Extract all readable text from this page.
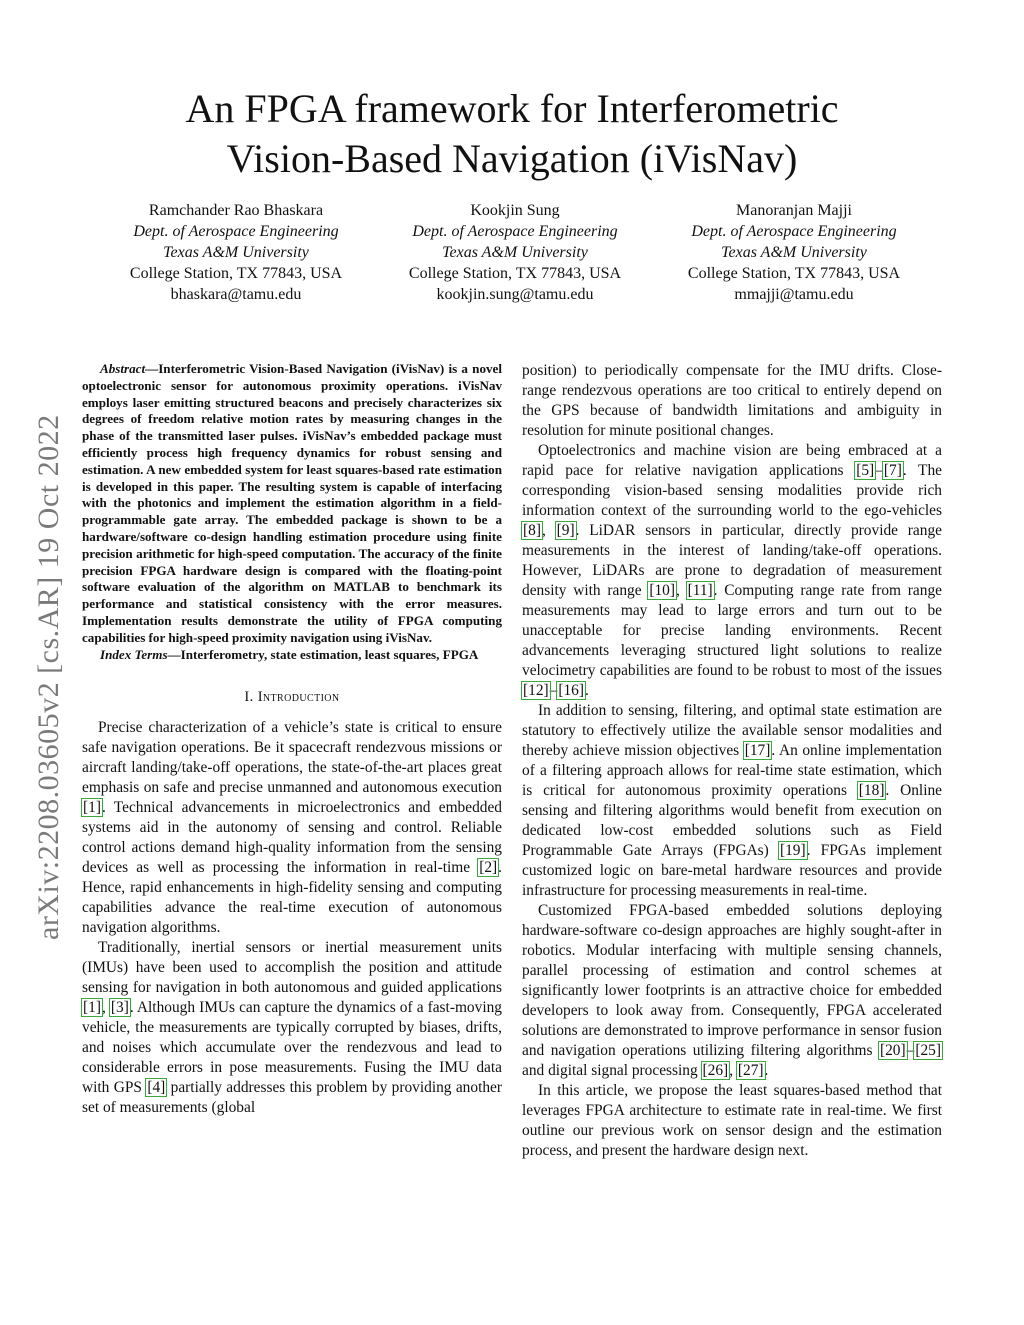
arXiv:2208.03605v2 [cs.AR] 19 Oct 2022
An FPGA framework for Interferometric
Vision-Based Navigation (iVisNav)
Ramchander Rao Bhaskara
Dept. of Aerospace Engineering
Texas A&M University
College Station, TX 77843, USA
bhaskara@tamu.edu
Kookjin Sung
Dept. of Aerospace Engineering
Texas A&M University
College Station, TX 77843, USA
kookjin.sung@tamu.edu
Manoranjan Majji
Dept. of Aerospace Engineering
Texas A&M University
College Station, TX 77843, USA
mmajji@tamu.edu

Abstract—Interferometric Vision-Based Navigation (iVisNav) is a novel optoelectronic sensor for autonomous proximity operations. iVisNav employs laser emitting structured beacons and precisely characterizes six degrees of freedom relative motion rates by measuring changes in the phase of the transmitted laser pulses. iVisNav’s embedded package must efficiently process high frequency dynamics for robust sensing and estimation. A new embedded system for least squares-based rate estimation is developed in this paper. The resulting system is capable of interfacing with the photonics and implement the estimation algorithm in a field-programmable gate array. The embedded package is shown to be a hardware/software co-design handling estimation procedure using finite precision arithmetic for high-speed computation. The accuracy of the finite precision FPGA hardware design is compared with the floating-point software evaluation of the algorithm on MATLAB to benchmark its performance and statistical consistency with the error measures. Implementation results demonstrate the utility of FPGA computing capabilities for high-speed proximity navigation using iVisNav.

Index Terms—Interferometry, state estimation, least squares, FPGA

I. Introduction

Precise characterization of a vehicle’s state is critical to ensure safe navigation operations. Be it spacecraft rendezvous missions or aircraft landing/take-off operations, the state-of-the-art places great emphasis on safe and precise unmanned and autonomous execution [1]. Technical advancements in microelectronics and embedded systems aid in the autonomy of sensing and control. Reliable control actions demand high-quality information from the sensing devices as well as processing the information in real-time [2]. Hence, rapid enhancements in high-fidelity sensing and computing capabilities advance the real-time execution of autonomous navigation algorithms.

Traditionally, inertial sensors or inertial measurement units (IMUs) have been used to accomplish the position and attitude sensing for navigation in both autonomous and guided applications [1], [3]. Although IMUs can capture the dynamics of a fast-moving vehicle, the measurements are typically corrupted by biases, drifts, and noises which accumulate over the rendezvous and lead to considerable errors in pose measurements. Fusing the IMU data with GPS [4] partially addresses this problem by providing another set of measurements (global

position) to periodically compensate for the IMU drifts. Close-range rendezvous operations are too critical to entirely depend on the GPS because of bandwidth limitations and ambiguity in resolution for minute positional changes.

Optoelectronics and machine vision are being embraced at a rapid pace for relative navigation applications [5]–[7]. The corresponding vision-based sensing modalities provide rich information context of the surrounding world to the ego-vehicles [8], [9]. LiDAR sensors in particular, directly provide range measurements in the interest of landing/take-off operations. However, LiDARs are prone to degradation of measurement density with range [10], [11]. Computing range rate from range measurements may lead to large errors and turn out to be unacceptable for precise landing environments. Recent advancements leveraging structured light solutions to realize velocimetry capabilities are found to be robust to most of the issues [12]–[16].

In addition to sensing, filtering, and optimal state estimation are statutory to effectively utilize the available sensor modalities and thereby achieve mission objectives [17]. An online implementation of a filtering approach allows for real-time state estimation, which is critical for autonomous proximity operations [18]. Online sensing and filtering algorithms would benefit from execution on dedicated low-cost embedded solutions such as Field Programmable Gate Arrays (FPGAs) [19]. FPGAs implement customized logic on bare-metal hardware resources and provide infrastructure for processing measurements in real-time.

Customized FPGA-based embedded solutions deploying hardware-software co-design approaches are highly sought-after in robotics. Modular interfacing with multiple sensing channels, parallel processing of estimation and control schemes at significantly lower footprints is an attractive choice for embedded developers to look away from. Consequently, FPGA accelerated solutions are demonstrated to improve performance in sensor fusion and navigation operations utilizing filtering algorithms [20]–[25] and digital signal processing [26], [27].

In this article, we propose the least squares-based method that leverages FPGA architecture to estimate rate in real-time. We first outline our previous work on sensor design and the estimation process, and present the hardware design next.
